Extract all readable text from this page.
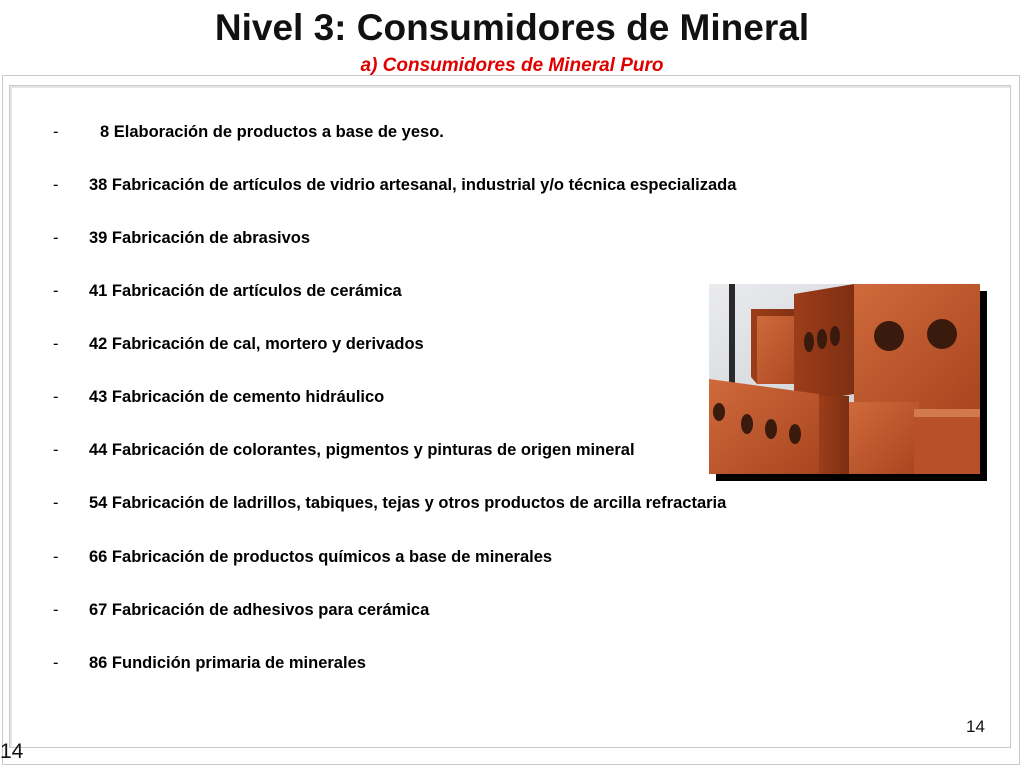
Nivel 3: Consumidores de Mineral
a) Consumidores de Mineral Puro
-	8 Elaboración de productos a base de yeso.
-	38 Fabricación de artículos de vidrio artesanal, industrial y/o técnica especializada
-	39 Fabricación de abrasivos
-	41 Fabricación de artículos de cerámica
-	42 Fabricación de cal, mortero y derivados
-	43 Fabricación de cemento hidráulico
-	44 Fabricación de colorantes, pigmentos y pinturas de origen mineral
-	54 Fabricación de ladrillos, tabiques, tejas y otros productos de arcilla refractaria
-	66 Fabricación de productos químicos a base de minerales
-	67 Fabricación de adhesivos para cerámica
-	86 Fundición primaria de minerales
14
14
